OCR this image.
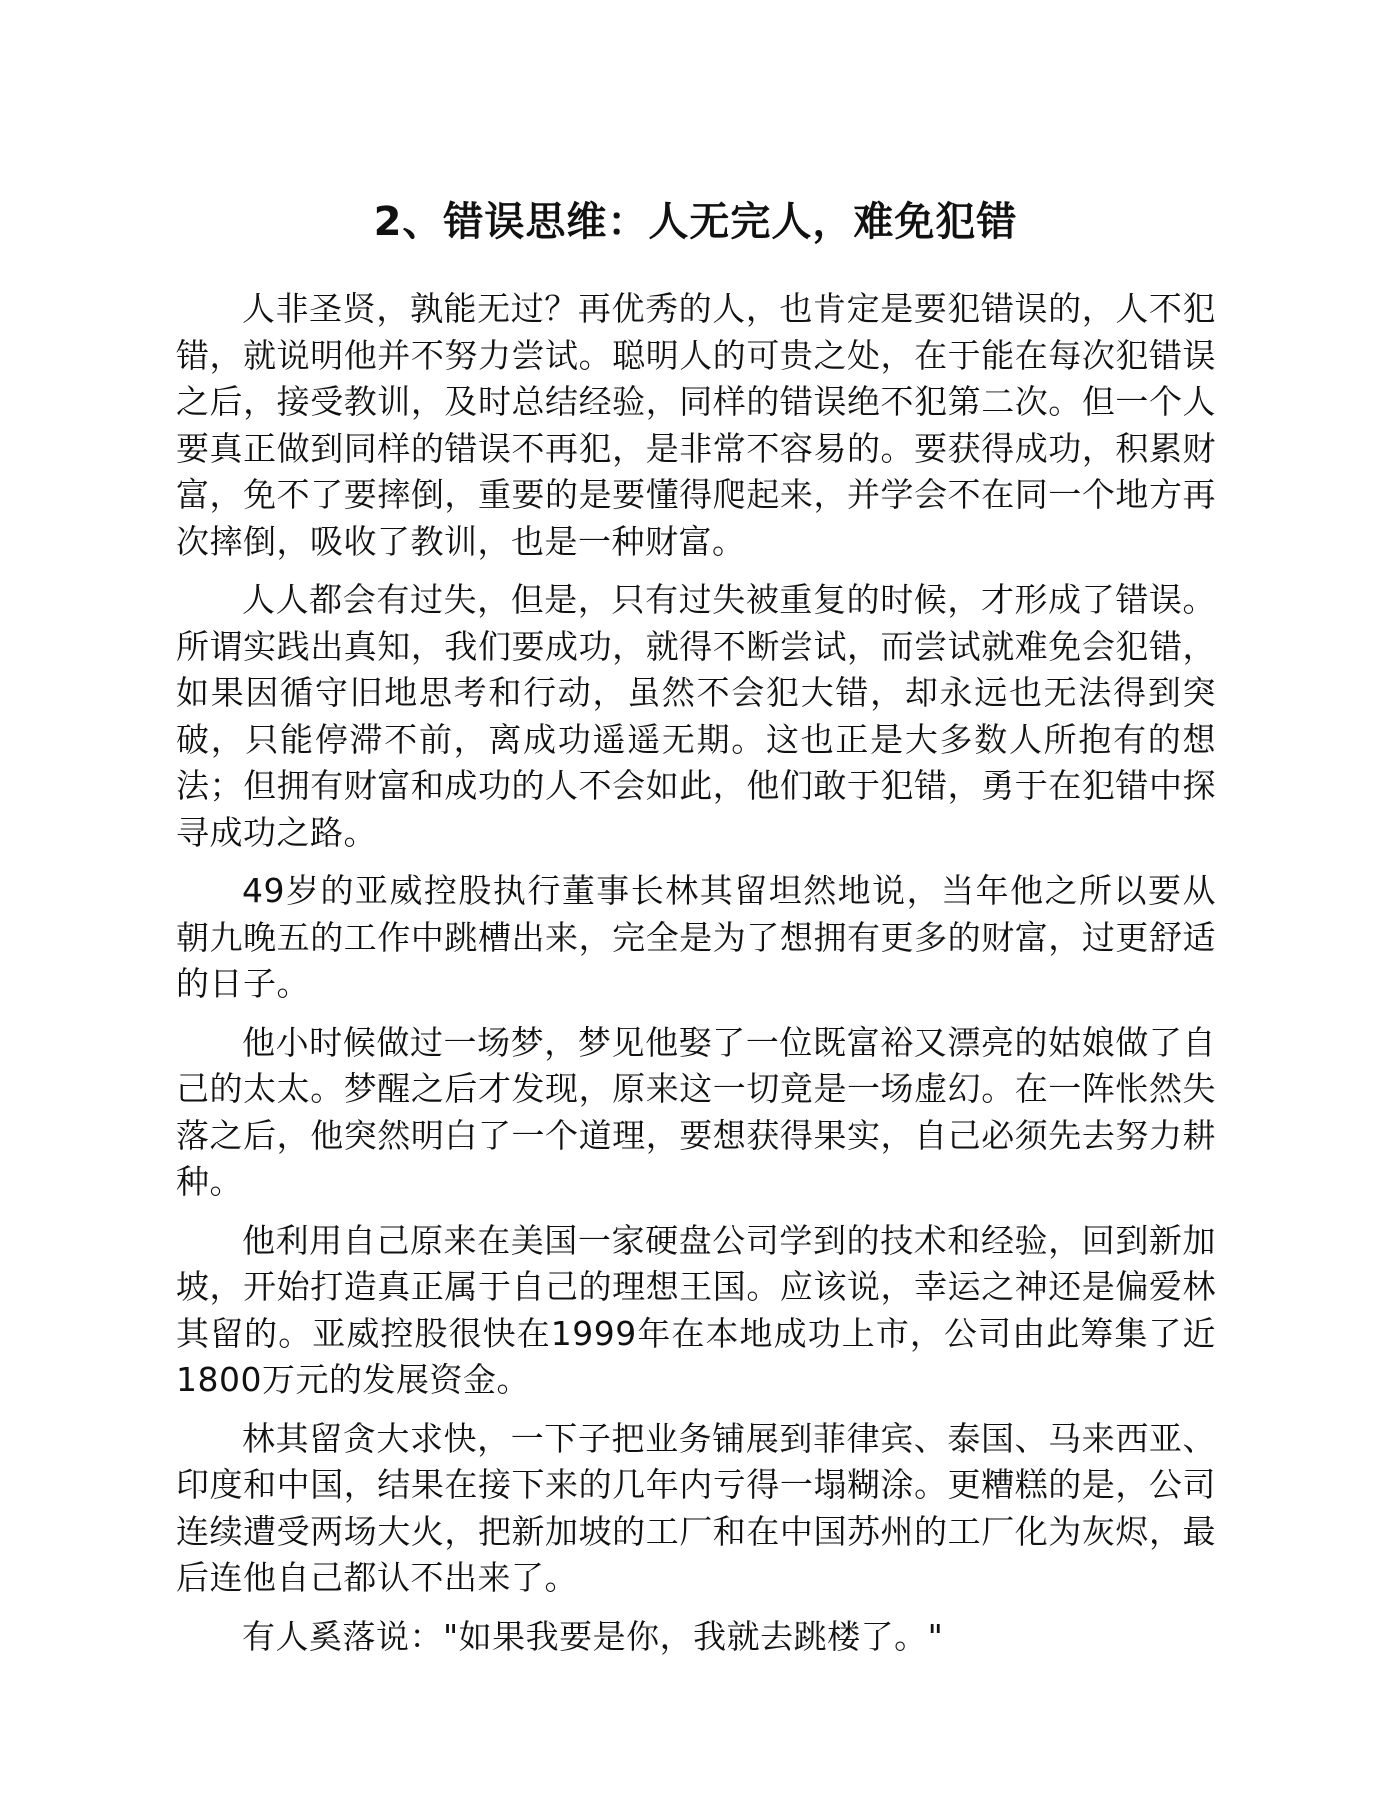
2、错误思维：人无完人，难免犯错

人非圣贤，孰能无过？再优秀的人，也肯定是要犯错误的，人不犯错，就说明他并不努力尝试。聪明人的可贵之处，在于能在每次犯错误之后，接受教训，及时总结经验，同样的错误绝不犯第二次。但一个人要真正做到同样的错误不再犯，是非常不容易的。要获得成功，积累财富，免不了要摔倒，重要的是要懂得爬起来，并学会不在同一个地方再次摔倒，吸收了教训，也是一种财富。

人人都会有过失，但是，只有过失被重复的时候，才形成了错误。所谓实践出真知，我们要成功，就得不断尝试，而尝试就难免会犯错，如果因循守旧地思考和行动，虽然不会犯大错，却永远也无法得到突破，只能停滞不前，离成功遥遥无期。这也正是大多数人所抱有的想法；但拥有财富和成功的人不会如此，他们敢于犯错，勇于在犯错中探寻成功之路。

49岁的亚威控股执行董事长林其留坦然地说，当年他之所以要从朝九晚五的工作中跳槽出来，完全是为了想拥有更多的财富，过更舒适的日子。

他小时候做过一场梦，梦见他娶了一位既富裕又漂亮的姑娘做了自己的太太。梦醒之后才发现，原来这一切竟是一场虚幻。在一阵怅然失落之后，他突然明白了一个道理，要想获得果实，自己必须先去努力耕种。

他利用自己原来在美国一家硬盘公司学到的技术和经验，回到新加坡，开始打造真正属于自己的理想王国。应该说，幸运之神还是偏爱林其留的。亚威控股很快在1999年在本地成功上市，公司由此筹集了近1800万元的发展资金。

林其留贪大求快，一下子把业务铺展到菲律宾、泰国、马来西亚、印度和中国，结果在接下来的几年内亏得一塌糊涂。更糟糕的是，公司连续遭受两场大火，把新加坡的工厂和在中国苏州的工厂化为灰烬，最后连他自己都认不出来了。

有人奚落说："如果我要是你，我就去跳楼了。"
